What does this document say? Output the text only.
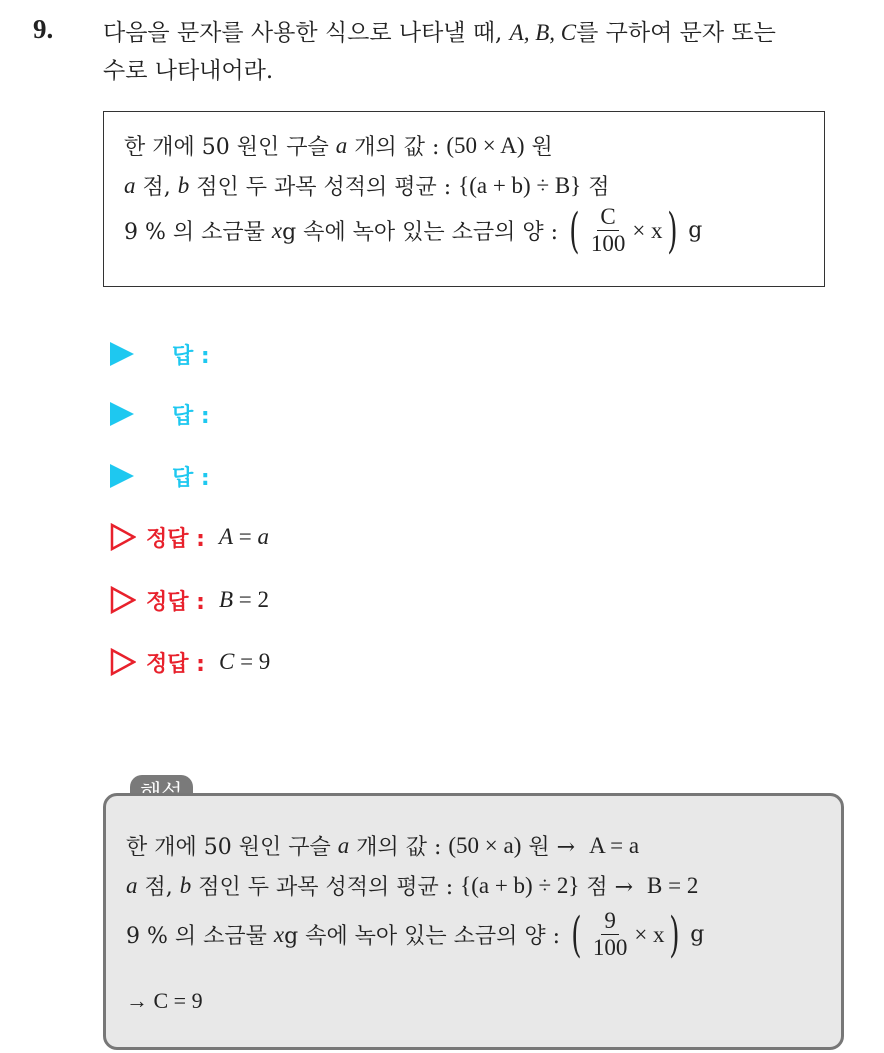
9. 다음을 문자를 사용한 식으로 나타낼 때, A, B, C를 구하여 문자 또는
수로 나타내어라.
한 개에 50 원인 구슬
a
개의 값 :
(50 × A)
원
a
점,
b
점인 두 과목 성적의 평균 :
{(a + b) ÷ B}
점
9 % 의 소금물
x g 속에 녹아 있는 소금의 양 :
( $\frac{C}{100} \times x$ )
g
답 :
답 :
답 :
정답 : A = a
정답 : B = 2
정답 : C = 9
한 개에 50 원인 구슬
a
개의 값 :
(50 × a)
원 →
A = a
a
점,
b
점인 두 과목 성적의 평균 :
{(a + b) ÷ 2}
점 →
B = 2
9 % 의 소금물
x g 속에 녹아 있는 소금의 양 :
( $\frac{9}{100} \times x$ )
g
→ C = 9
